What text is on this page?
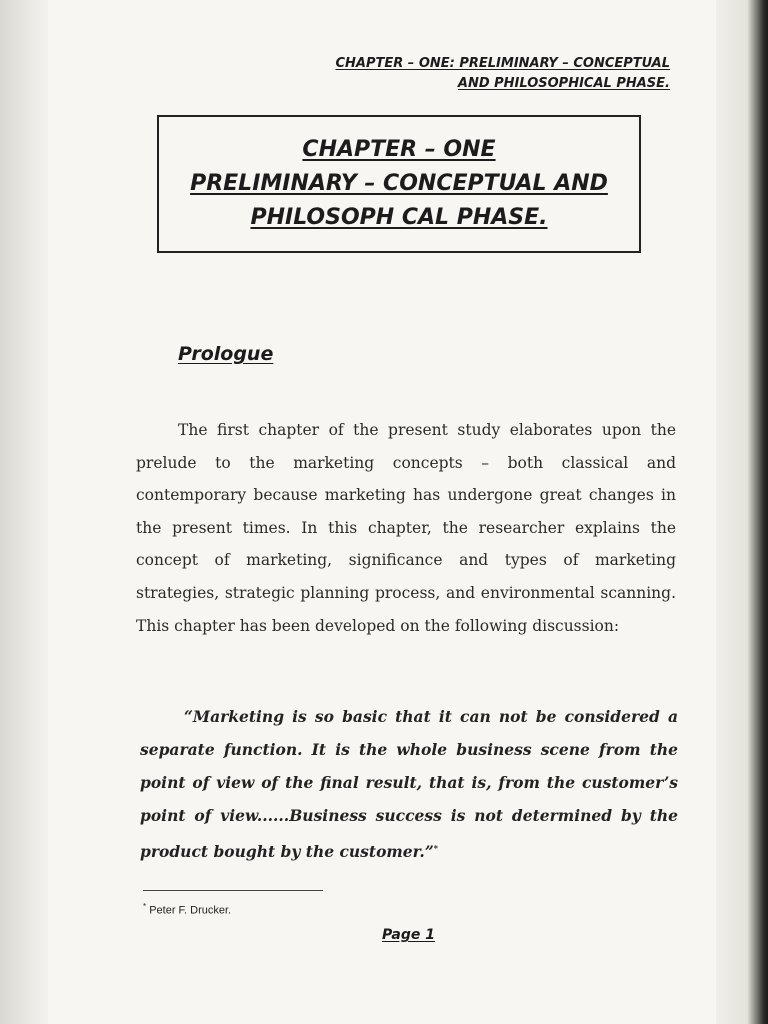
CHAPTER – ONE: PRELIMINARY – CONCEPTUAL
AND PHILOSOPHICAL PHASE.
CHAPTER – ONE
PRELIMINARY – CONCEPTUAL AND
PHILOSOPH CAL PHASE.
Prologue

The first chapter of the present study elaborates upon the prelude to the marketing concepts – both classical and contemporary because marketing has undergone great changes in the present times. In this chapter, the researcher explains the concept of marketing, significance and types of marketing strategies, strategic planning process, and environmental scanning. This chapter has been developed on the following discussion:

“Marketing is so basic that it can not be considered a separate function. It is the whole business scene from the point of view of the final result, that is, from the customer’s point of view......Business success is not determined by the product bought by the customer.”*

* Peter F. Drucker.
Page 1
